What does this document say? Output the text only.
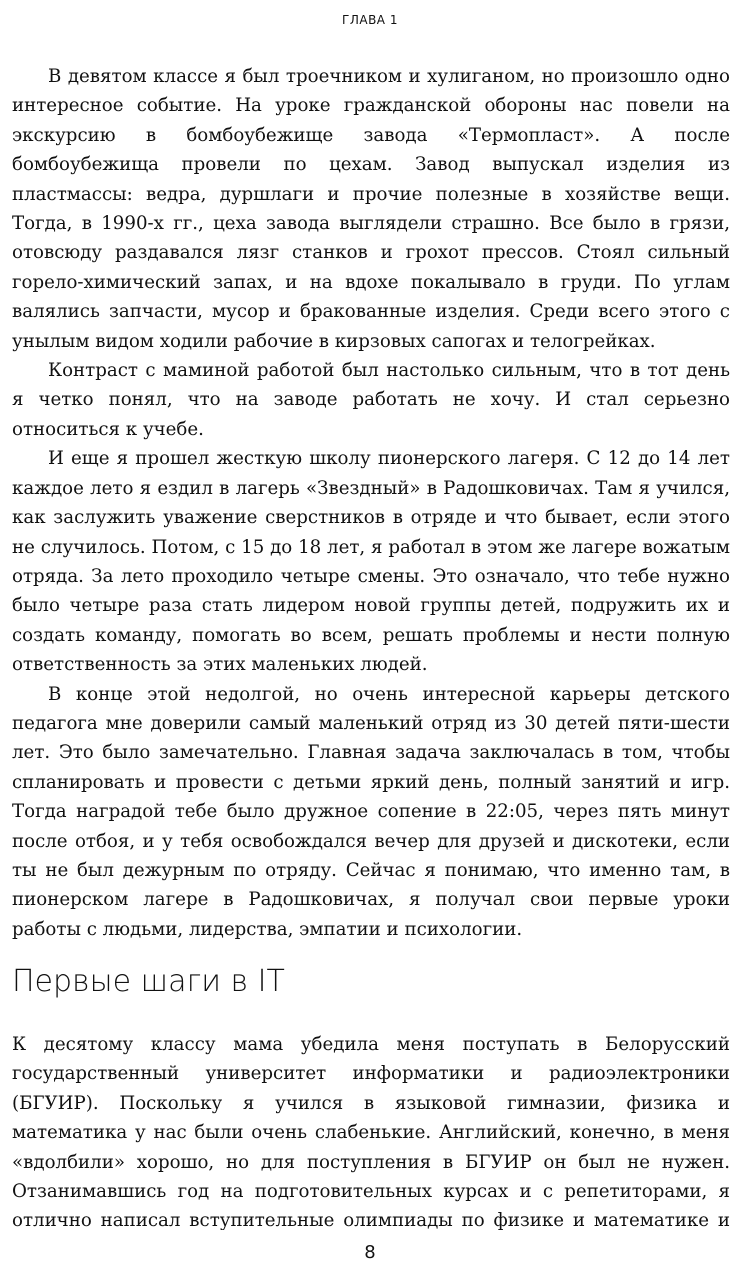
ГЛАВА 1

В девятом классе я был троечником и хулиганом, но произошло одно интересное событие. На уроке гражданской обороны нас повели на экскурсию в бомбоубежище завода «Термопласт». А после бомбоубежища провели по цехам. Завод выпускал изделия из пластмассы: ведра, дуршлаги и прочие полезные в хозяйстве вещи. Тогда, в 1990-х гг., цеха завода выглядели страшно. Все было в грязи, отовсюду раздавался лязг станков и грохот прессов. Стоял сильный горело-химический запах, и на вдохе покалывало в груди. По углам валялись запчасти, мусор и бракованные изделия. Среди всего этого с унылым видом ходили рабочие в кирзовых сапогах и телогрейках.

Контраст с маминой работой был настолько сильным, что в тот день я четко понял, что на заводе работать не хочу. И стал серьезно относиться к учебе.

И еще я прошел жесткую школу пионерского лагеря. С 12 до 14 лет каждое лето я ездил в лагерь «Звездный» в Радошковичах. Там я учился, как заслужить уважение сверстников в отряде и что бывает, если этого не случилось. Потом, с 15 до 18 лет, я работал в этом же лагере вожатым отряда. За лето проходило четыре смены. Это означало, что тебе нужно было четыре раза стать лидером новой группы детей, подружить их и создать команду, помогать во всем, решать проблемы и нести полную ответственность за этих маленьких людей.

В конце этой недолгой, но очень интересной карьеры детского педагога мне доверили самый маленький отряд из 30 детей пяти-шести лет. Это было замечательно. Главная задача заключалась в том, чтобы спланировать и провести с детьми яркий день, полный занятий и игр. Тогда наградой тебе было дружное сопение в 22:05, через пять минут после отбоя, и у тебя освобождался вечер для друзей и дискотеки, если ты не был дежурным по отряду. Сейчас я понимаю, что именно там, в пионерском лагере в Радошковичах, я получал свои первые уроки работы с людьми, лидерства, эмпатии и психологии.

Первые шаги в IT

К десятому классу мама убедила меня поступать в Белорусский государственный университет информатики и радиоэлектроники (БГУИР). Поскольку я учился в языковой гимназии, физика и математика у нас были очень слабенькие. Английский, конечно, в меня «вдолбили» хорошо, но для поступления в БГУИР он был не нужен. Отзанимавшись год на подготовительных курсах и с репетиторами, я отлично написал вступительные олимпиады по физике и математике и

8
